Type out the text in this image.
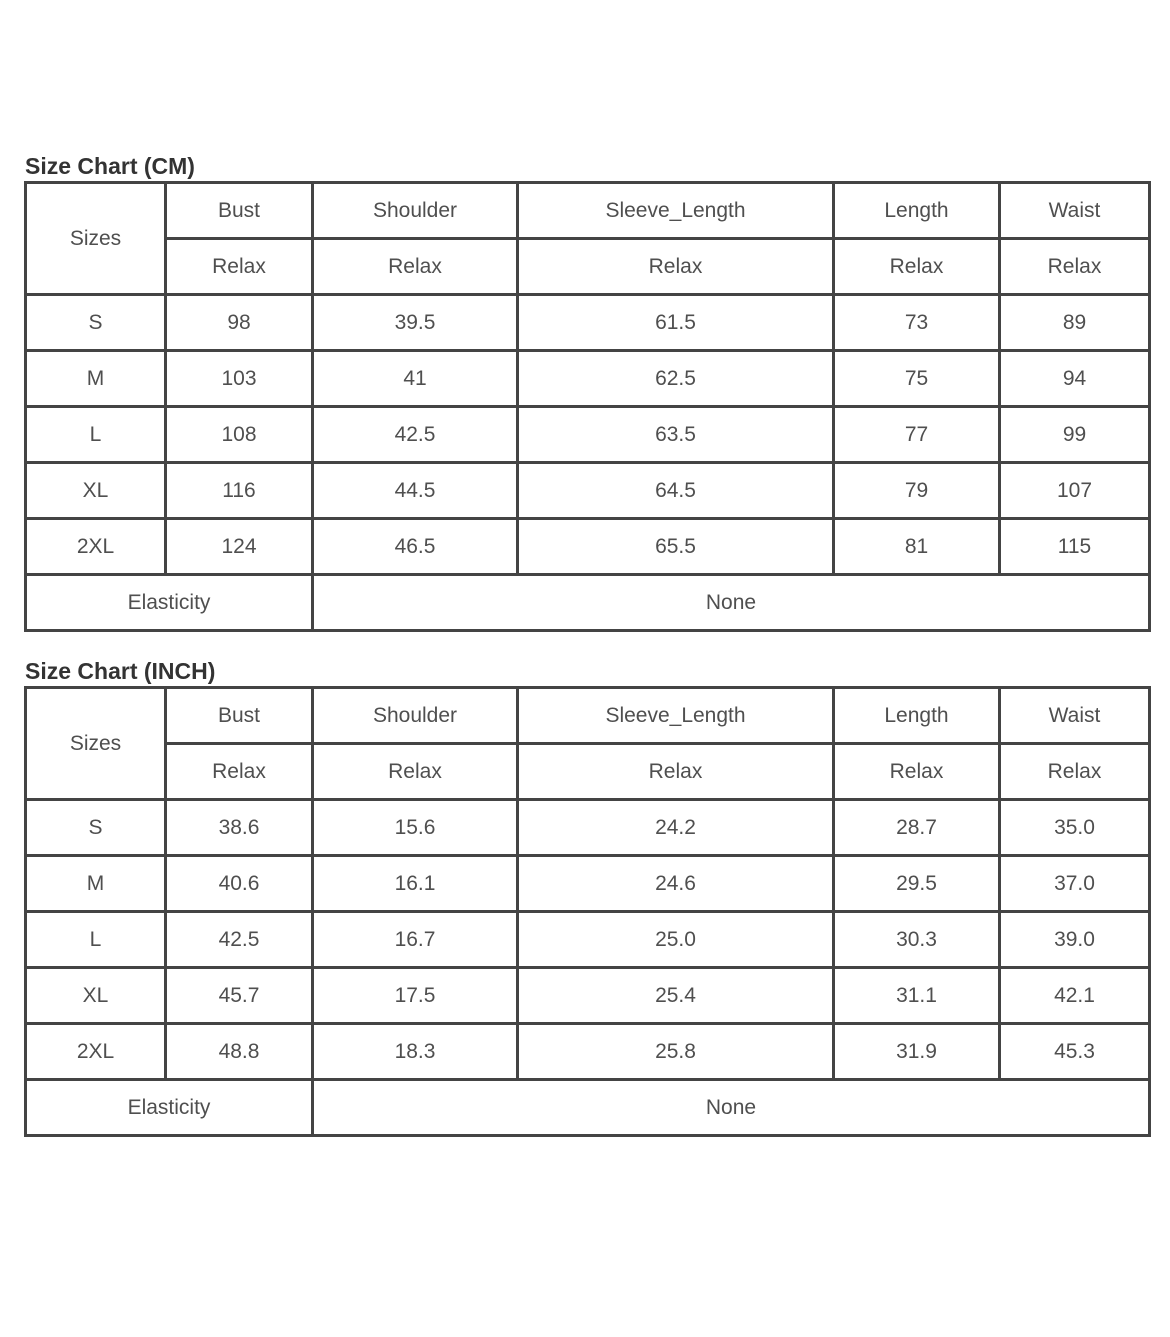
Size Chart (CM)
Sizes	Bust	Shoulder	Sleeve_Length	Length	Waist
	Relax	Relax	Relax	Relax	Relax
S	98	39.5	61.5	73	89
M	103	41	62.5	75	94
L	108	42.5	63.5	77	99
XL	116	44.5	64.5	79	107
2XL	124	46.5	65.5	81	115
Elasticity		None			
Size Chart (INCH)
Sizes	Bust	Shoulder	Sleeve_Length	Length	Waist
	Relax	Relax	Relax	Relax	Relax
S	38.6	15.6	24.2	28.7	35.0
M	40.6	16.1	24.6	29.5	37.0
L	42.5	16.7	25.0	30.3	39.0
XL	45.7	17.5	25.4	31.1	42.1
2XL	48.8	18.3	25.8	31.9	45.3
Elasticity		None			
